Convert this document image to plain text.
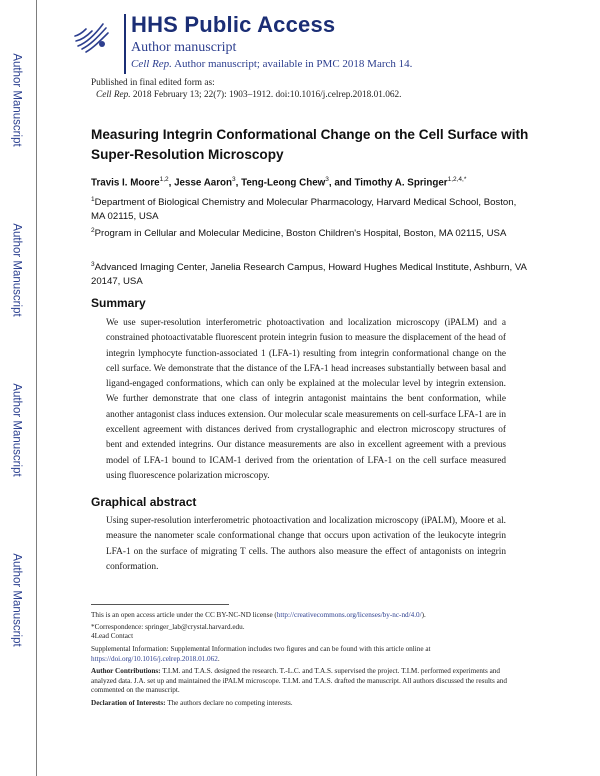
Author Manuscript
Author Manuscript
Author Manuscript
Author Manuscript
HHS Public Access
Author manuscript
Cell Rep. Author manuscript; available in PMC 2018 March 14.
Published in final edited form as:
Cell Rep. 2018 February 13; 22(7): 1903–1912. doi:10.1016/j.celrep.2018.01.062.
Measuring Integrin Conformational Change on the Cell Surface with Super-Resolution Microscopy
Travis I. Moore$^{1,2}$, Jesse Aaron$^3$, Teng-Leong Chew$^3$, and Timothy A. Springer$^{1,2,4,*}$
$^1$Department of Biological Chemistry and Molecular Pharmacology, Harvard Medical School, Boston, MA 02115, USA
$^2$Program in Cellular and Molecular Medicine, Boston Children's Hospital, Boston, MA 02115, USA
$^3$Advanced Imaging Center, Janelia Research Campus, Howard Hughes Medical Institute, Ashburn, VA 20147, USA
Summary
We use super-resolution interferometric photoactivation and localization microscopy (iPALM) and a constrained photoactivatable fluorescent protein integrin fusion to measure the displacement of the head of integrin lymphocyte function-associated 1 (LFA-1) resulting from integrin conformational change on the cell surface. We demonstrate that the distance of the LFA-1 head increases substantially between basal and ligand-engaged conformations, which can only be explained at the molecular level by integrin extension. We further demonstrate that one class of integrin antagonist maintains the bent conformation, while another antagonist class induces extension. Our molecular scale measurements on cell-surface LFA-1 are in excellent agreement with distances derived from crystallographic and electron microscopy structures of bent and extended integrins. Our distance measurements are also in excellent agreement with a previous model of LFA-1 bound to ICAM-1 derived from the orientation of LFA-1 on the cell surface measured using fluorescence polarization microscopy.
Graphical abstract
Using super-resolution interferometric photoactivation and localization microscopy (iPALM), Moore et al. measure the nanometer scale conformational change that occurs upon activation of the leukocyte integrin LFA-1 on the surface of migrating T cells. The authors also measure the effect of antagonists on integrin conformation.
This is an open access article under the CC BY-NC-ND license (http://creativecommons.org/licenses/by-nc-nd/4.0/).
*Correspondence: springer_lab@crystal.harvard.edu.
4Lead Contact
Supplemental Information: Supplemental Information includes two figures and can be found with this article online at https://doi.org/10.1016/j.celrep.2018.01.062.
Author Contributions: T.I.M. and T.A.S. designed the research. T.-L.C. and T.A.S. supervised the project. T.I.M. performed experiments and analyzed data. J.A. set up and maintained the iPALM microscope. T.I.M. and T.A.S. drafted the manuscript. All authors discussed the results and commented on the manuscript.
Declaration of Interests: The authors declare no competing interests.
